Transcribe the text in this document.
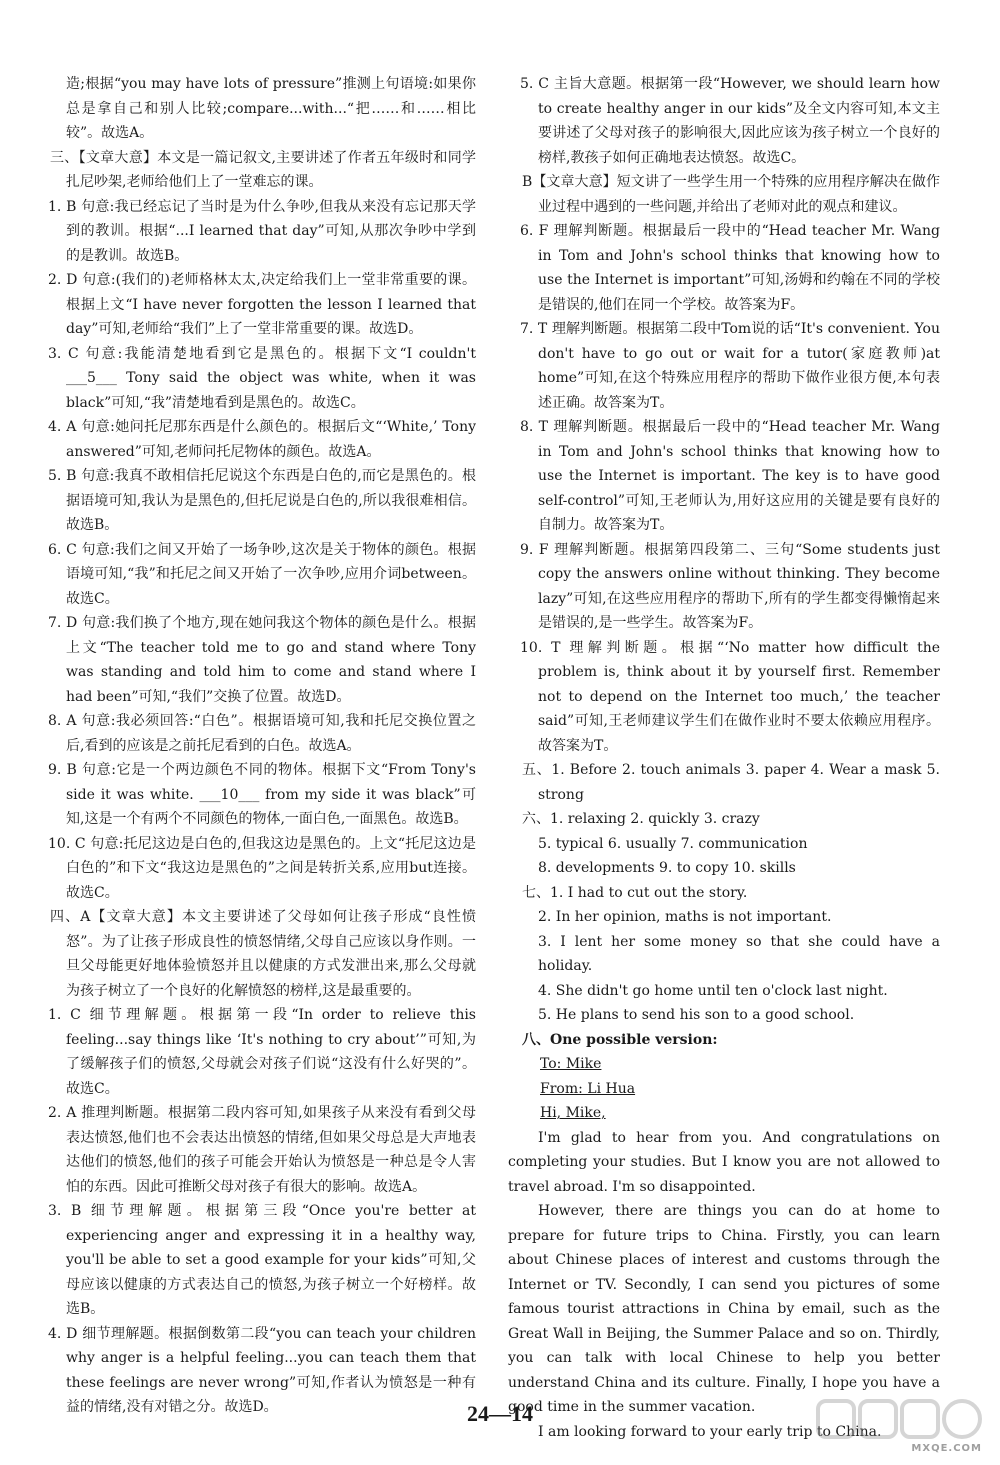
造;根据“you may have lots of pressure”推测上句语境:如果你总是拿自己和别人比较;compare...with...“把……和……相比较”。故选A。

三、【文章大意】本文是一篇记叙文,主要讲述了作者五年级时和同学扎尼吵架,老师给他们上了一堂难忘的课。

1. B 句意:我已经忘记了当时是为什么争吵,但我从来没有忘记那天学到的教训。根据“...I learned that day”可知,从那次争吵中学到的是教训。故选B。

2. D 句意:(我们的)老师格林太太,决定给我们上一堂非常重要的课。根据上文“I have never forgotten the lesson I learned that day”可知,老师给“我们”上了一堂非常重要的课。故选D。

3. C 句意:我能清楚地看到它是黑色的。根据下文“I couldn't ___5___ Tony said the object was white, when it was black”可知,“我”清楚地看到是黑色的。故选C。

4. A 句意:她问托尼那东西是什么颜色的。根据后文“‘White,’ Tony answered”可知,老师问托尼物体的颜色。故选A。

5. B 句意:我真不敢相信托尼说这个东西是白色的,而它是黑色的。根据语境可知,我认为是黑色的,但托尼说是白色的,所以我很难相信。故选B。

6. C 句意:我们之间又开始了一场争吵,这次是关于物体的颜色。根据语境可知,“我”和托尼之间又开始了一次争吵,应用介词between。故选C。

7. D 句意:我们换了个地方,现在她问我这个物体的颜色是什么。根据上文“The teacher told me to go and stand where Tony was standing and told him to come and stand where I had been”可知,“我们”交换了位置。故选D。

8. A 句意:我必须回答:“白色”。根据语境可知,我和托尼交换位置之后,看到的应该是之前托尼看到的白色。故选A。

9. B 句意:它是一个两边颜色不同的物体。根据下文“From Tony's side it was white. ___10___ from my side it was black”可知,这是一个有两个不同颜色的物体,一面白色,一面黑色。故选B。

10. C 句意:托尼这边是白色的,但我这边是黑色的。上文“托尼这边是白色的”和下文“我这边是黑色的”之间是转折关系,应用but连接。故选C。

四、A【文章大意】本文主要讲述了父母如何让孩子形成“良性愤怒”。为了让孩子形成良性的愤怒情绪,父母自己应该以身作则。一旦父母能更好地体验愤怒并且以健康的方式发泄出来,那么父母就为孩子树立了一个良好的化解愤怒的榜样,这是最重要的。

1. C 细节理解题。根据第一段“In order to relieve this feeling...say things like ‘It's nothing to cry about’”可知,为了缓解孩子们的愤怒,父母就会对孩子们说“这没有什么好哭的”。故选C。

2. A 推理判断题。根据第二段内容可知,如果孩子从来没有看到父母表达愤怒,他们也不会表达出愤怒的情绪,但如果父母总是大声地表达他们的愤怒,他们的孩子可能会开始认为愤怒是一种总是令人害怕的东西。因此可推断父母对孩子有很大的影响。故选A。

3. B 细节理解题。根据第三段“Once you're better at experiencing anger and expressing it in a healthy way, you'll be able to set a good example for your kids”可知,父母应该以健康的方式表达自己的愤怒,为孩子树立一个好榜样。故选B。

4. D 细节理解题。根据倒数第二段“you can teach your children why anger is a helpful feeling...you can teach them that these feelings are never wrong”可知,作者认为愤怒是一种有益的情绪,没有对错之分。故选D。

5. C 主旨大意题。根据第一段“However, we should learn how to create healthy anger in our kids”及全文内容可知,本文主要讲述了父母对孩子的影响很大,因此应该为孩子树立一个良好的榜样,教孩子如何正确地表达愤怒。故选C。

B【文章大意】短文讲了一些学生用一个特殊的应用程序解决在做作业过程中遇到的一些问题,并给出了老师对此的观点和建议。

6. F 理解判断题。根据最后一段中的“Head teacher Mr. Wang in Tom and John's school thinks that knowing how to use the Internet is important”可知,汤姆和约翰在不同的学校是错误的,他们在同一个学校。故答案为F。

7. T 理解判断题。根据第二段中Tom说的话“It's convenient. You don't have to go out or wait for a tutor(家庭教师)at home”可知,在这个特殊应用程序的帮助下做作业很方便,本句表述正确。故答案为T。

8. T 理解判断题。根据最后一段中的“Head teacher Mr. Wang in Tom and John's school thinks that knowing how to use the Internet is important. The key is to have good self-control”可知,王老师认为,用好这应用的关键是要有良好的自制力。故答案为T。

9. F 理解判断题。根据第四段第二、三句“Some students just copy the answers online without thinking. They become lazy”可知,在这些应用程序的帮助下,所有的学生都变得懒惰起来是错误的,是一些学生。故答案为F。

10. T 理解判断题。根据“‘No matter how difficult the problem is, think about it by yourself first. Remember not to depend on the Internet too much,’ the teacher said”可知,王老师建议学生们在做作业时不要太依赖应用程序。故答案为T。

五、1. Before 2. touch animals 3. paper 4. Wear a mask 5. strong

六、1. relaxing 2. quickly 3. crazy

5. typical 6. usually 7. communication

8. developments 9. to copy 10. skills

七、1. I had to cut out the story.

2. In her opinion, maths is not important.

3. I lent her some money so that she could have a holiday.

4. She didn't go home until ten o'clock last night.

5. He plans to send his son to a good school.

八、One possible version:

To: Mike

From: Li Hua

Hi, Mike,

I'm glad to hear from you. And congratulations on completing your studies. But I know you are not allowed to travel abroad. I'm so disappointed.

However, there are things you can do at home to prepare for future trips to China. Firstly, you can learn about Chinese places of interest and customs through the Internet or TV. Secondly, I can send you pictures of some famous tourist attractions in China by email, such as the Great Wall in Beijing, the Summer Palace and so on. Thirdly, you can talk with local Chinese to help you better understand China and its culture. Finally, I hope you have a good time in the summer vacation.

I am looking forward to your early trip to China.

24—14
MXQE.COM
